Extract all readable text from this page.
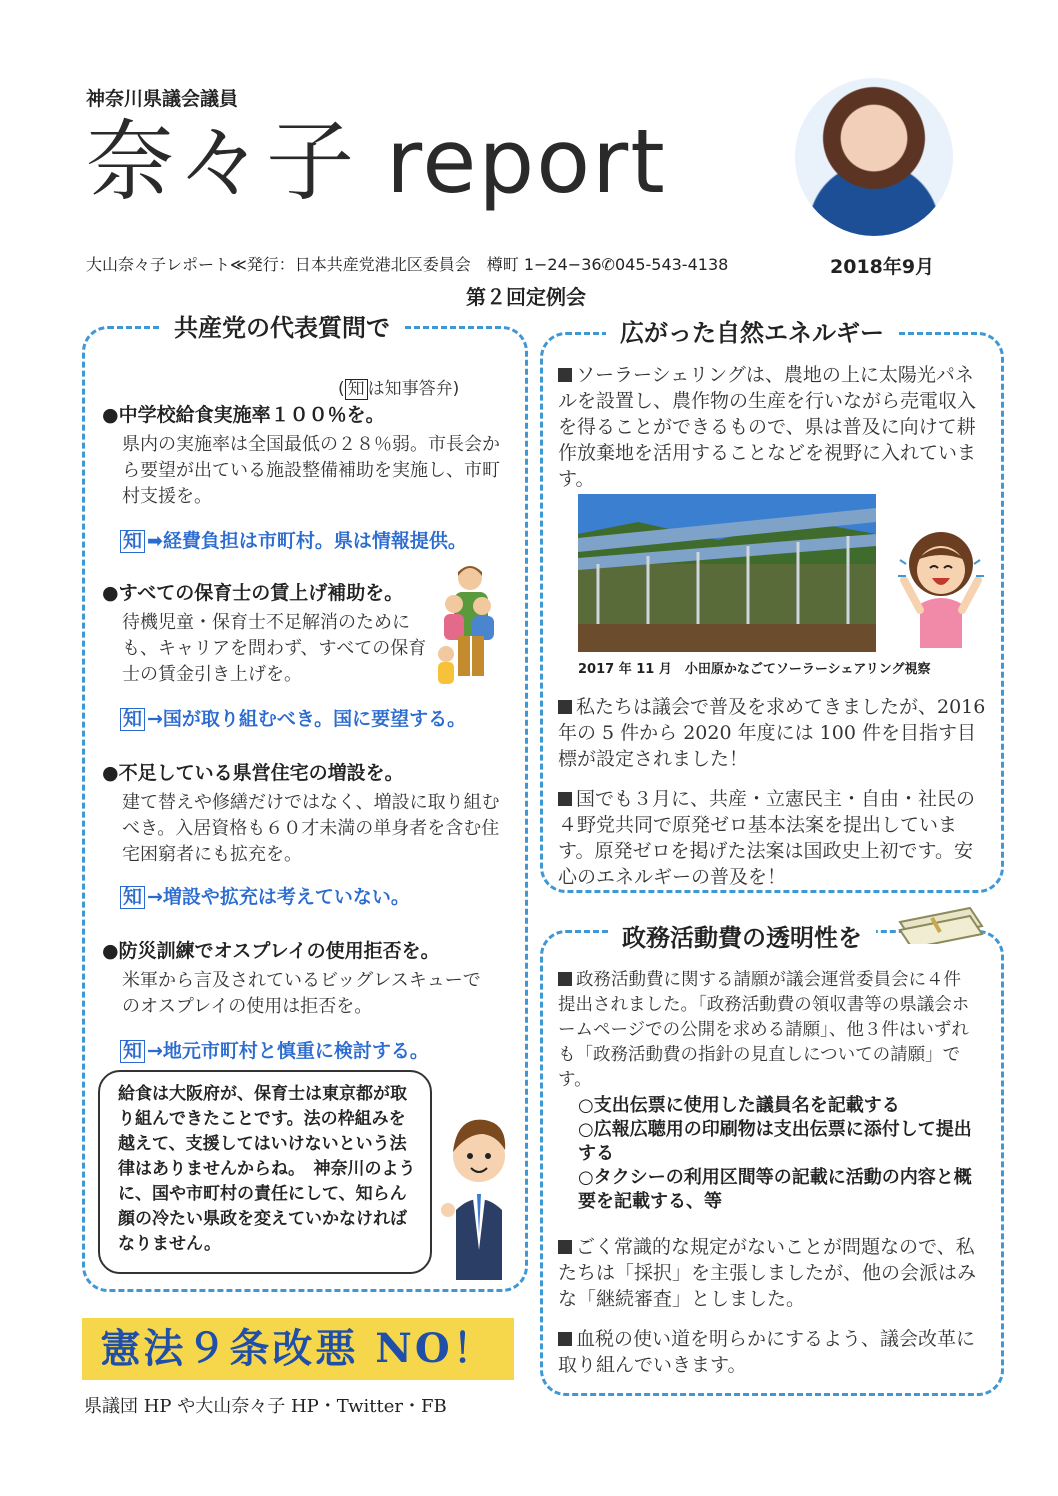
神奈川県議会議員
奈々子 report
大山奈々子レポート≪発行：日本共産党港北区委員会　樽町 1−24−36✆045-543-4138	2018年9月
第２回定例会
共産党の代表質問で
( 知 は知事答弁)
●中学校給食実施率１００％を。
県内の実施率は全国最低の２８％弱。市長会から要望が出ている施設整備補助を実施し、市町村支援を。
知 ➡経費負担は市町村。県は情報提供。
●すべての保育士の賃上げ補助を。
待機児童・保育士不足解消のためにも、キャリアを問わず、すべての保育士の賃金引き上げを。
知 →国が取り組むべき。国に要望する。
●不足している県営住宅の増設を。
建て替えや修繕だけではなく、増設に取り組むべき。入居資格も６０才未満の単身者を含む住宅困窮者にも拡充を。
知 →増設や拡充は考えていない。
●防災訓練でオスプレイの使用拒否を。
米軍から言及されているビッグレスキューでのオスプレイの使用は拒否を。
知 →地元市町村と慎重に検討する。
給食は大阪府が、保育士は東京都が取り組んできたことです。法の枠組みを越えて、支援してはいけないという法律はありませんからね。　神奈川のように、国や市町村の責任にして、知らん顔の冷たい県政を変えていかなければなりません。
憲法９条改悪 NO！
県議団 HP や大山奈々子 HP・Twitter・FB
広がった自然エネルギー
ソーラーシェリングは、農地の上に太陽光パネルを設置し、農作物の生産を行いながら売電収入を得ることができるもので、県は普及に向けて耕作放棄地を活用することなどを視野に入れています。
2017 年 11 月　小田原かなごてソーラーシェアリング視察
私たちは議会で普及を求めてきましたが、2016 年の 5 件から 2020 年度には 100 件を目指す目標が設定されました！
国でも３月に、共産・立憲民主・自由・社民の４野党共同で原発ゼロ基本法案を提出しています。原発ゼロを掲げた法案は国政史上初です。安心のエネルギーの普及を！
政務活動費の透明性を
政務活動費に関する請願が議会運営委員会に４件提出されました。「政務活動費の領収書等の県議会ホームページでの公開を求める請願」、他３件はいずれも「政務活動費の指針の見直しについての請願」です。
○支出伝票に使用した議員名を記載する
○広報広聴用の印刷物は支出伝票に添付して提出する
○タクシーの利用区間等の記載に活動の内容と概要を記載する、等
ごく常識的な規定がないことが問題なので、私たちは「採択」を主張しましたが、他の会派はみな「継続審査」としました。
血税の使い道を明らかにするよう、議会改革に取り組んでいきます。
